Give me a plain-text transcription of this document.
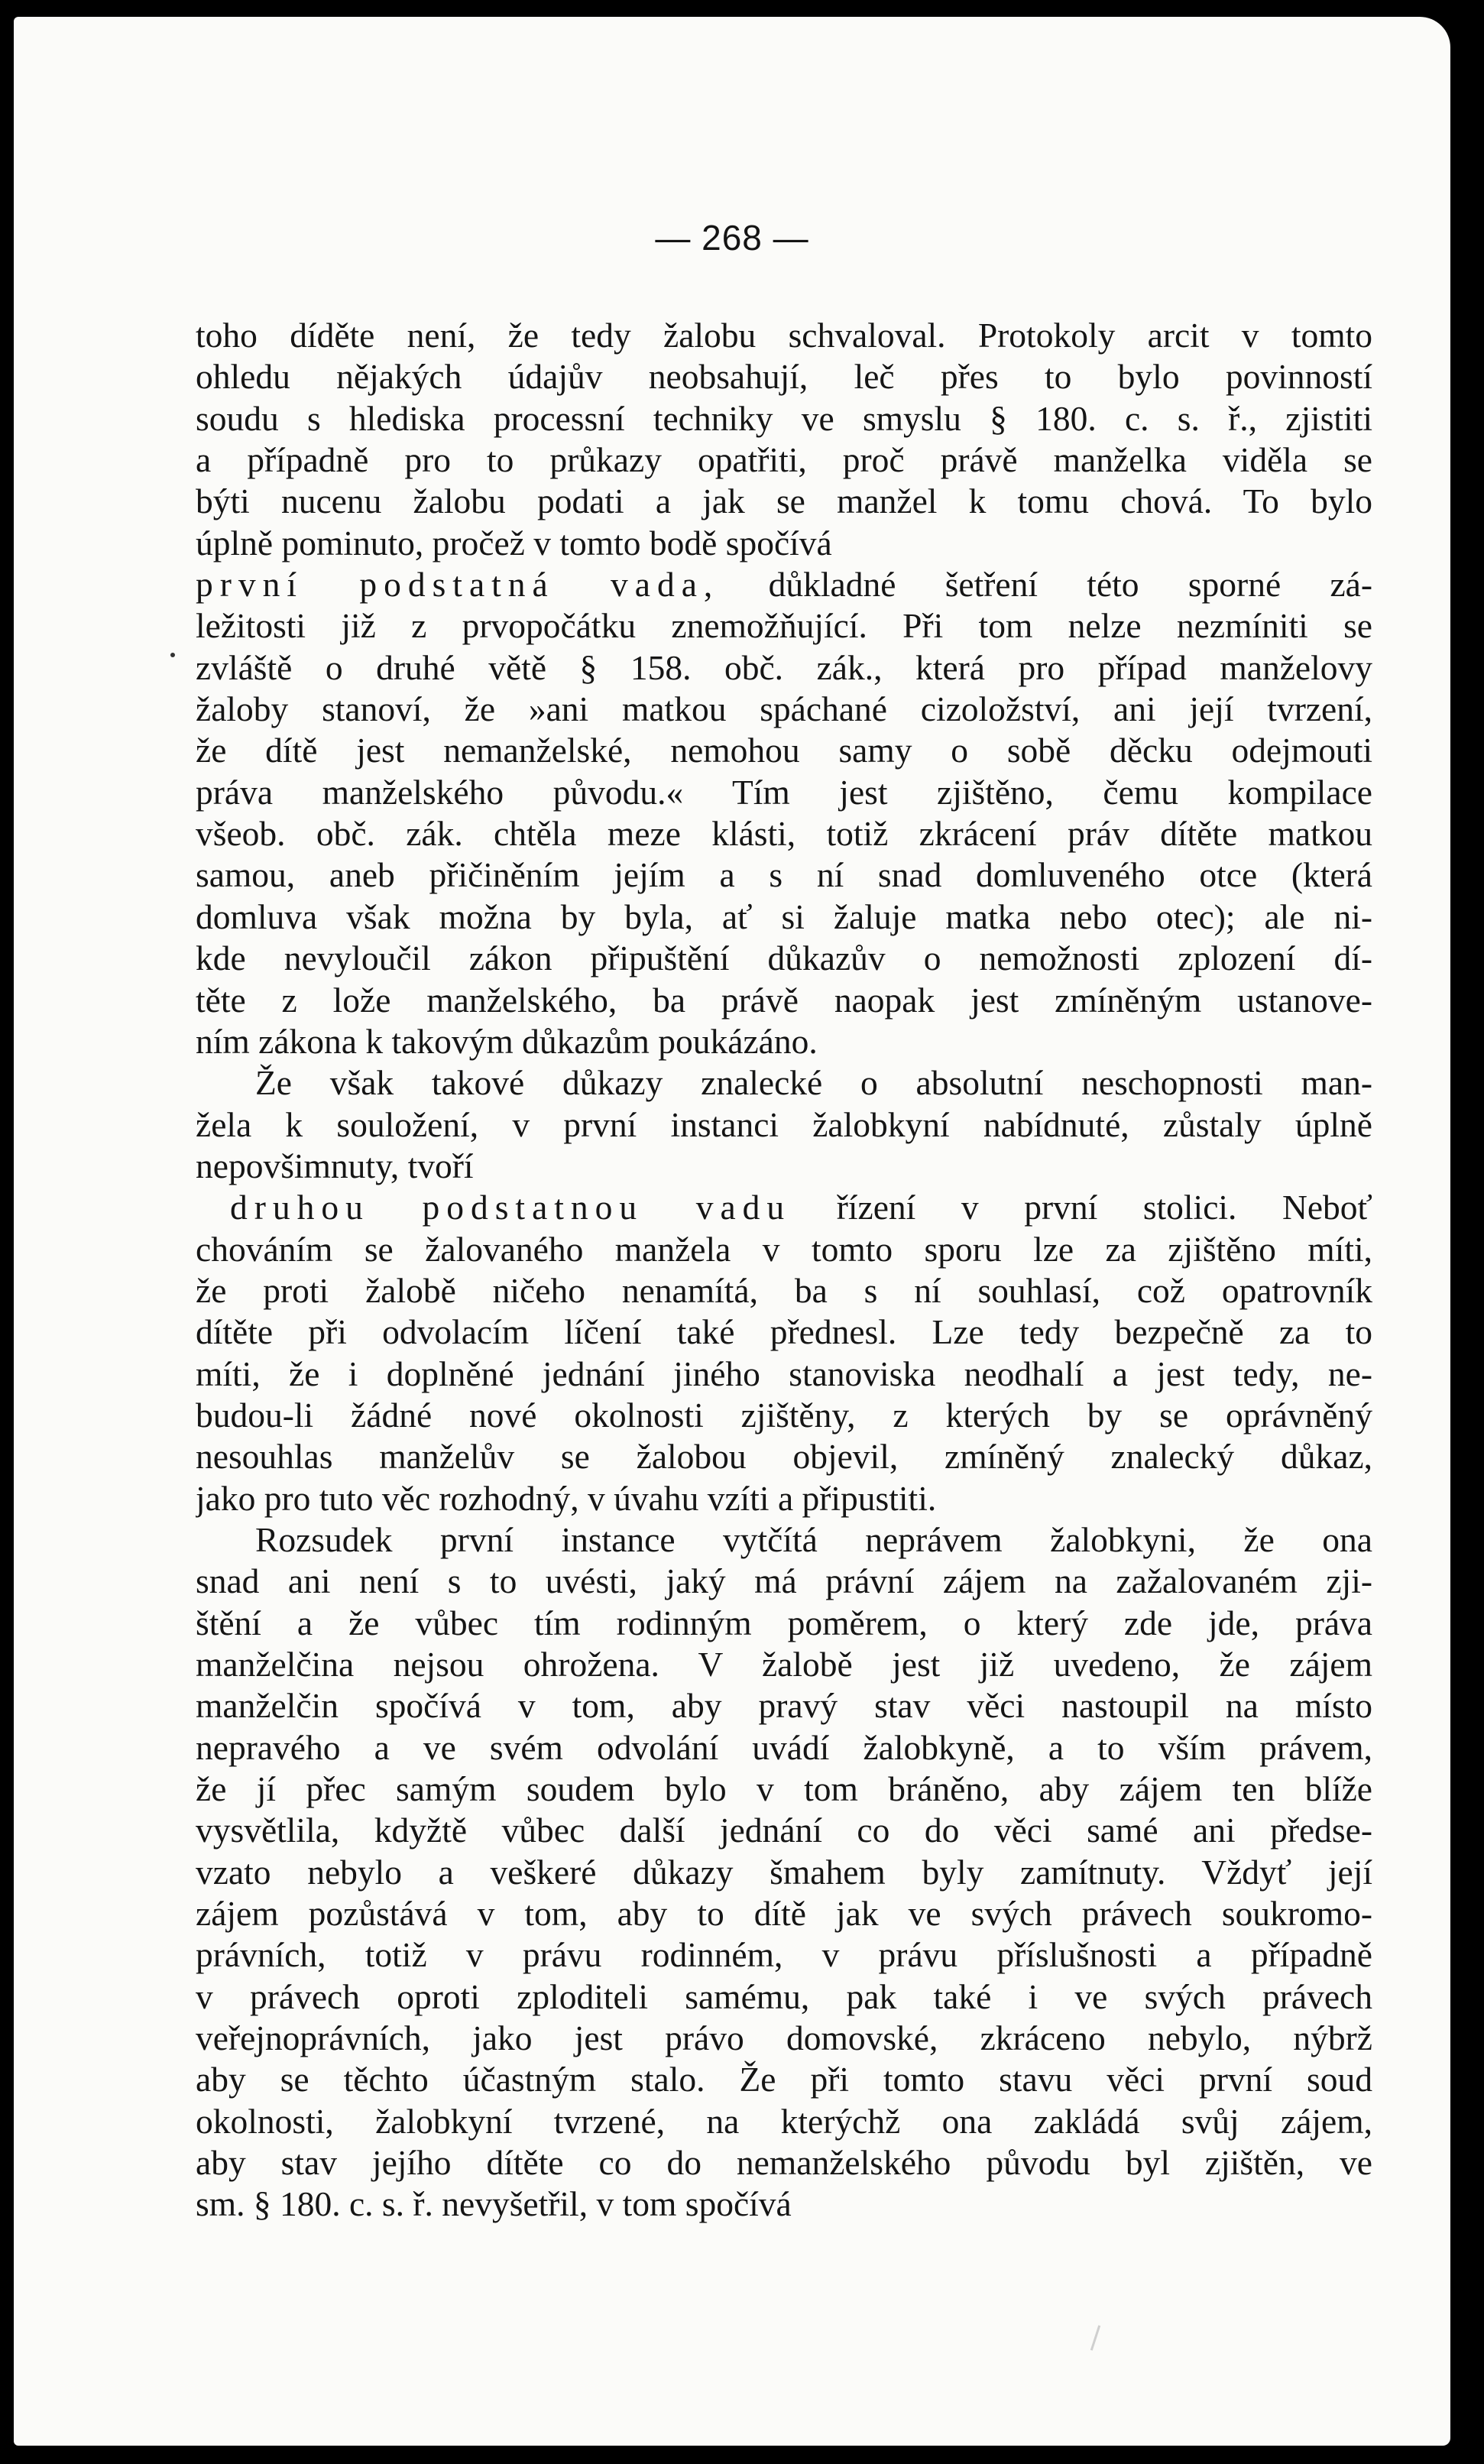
— 268 —
toho díděte není, že tedy žalobu schvaloval. Protokoly arcit v tomto
ohledu nějakých údajův neobsahují, leč přes to bylo povinností
soudu s hlediska processní techniky ve smyslu § 180. c. s. ř., zjistiti
a případně pro to průkazy opatřiti, proč právě manželka viděla se
býti nucenu žalobu podati a jak se manžel k tomu chová. To bylo
úplně pominuto, pročež v tomto bodě spočívá
první podstatná vada, důkladné šetření této sporné zá-
ležitosti již z prvopočátku znemožňující. Při tom nelze nezmíniti se
zvláště o druhé větě § 158. obč. zák., která pro případ manželovy
žaloby stanoví, že »ani matkou spáchané cizoložství, ani její tvrzení,
že dítě jest nemanželské, nemohou samy o sobě děcku odejmouti
práva manželského původu.« Tím jest zjištěno, čemu kompilace
všeob. obč. zák. chtěla meze klásti, totiž zkrácení práv dítěte matkou
samou, aneb přičiněním jejím a s ní snad domluveného otce (která
domluva však možna by byla, ať si žaluje matka nebo otec); ale ni-
kde nevyloučil zákon připuštění důkazův o nemožnosti zplození dí-
těte z lože manželského, ba právě naopak jest zmíněným ustanove-
ním zákona k takovým důkazům poukázáno.
Že však takové důkazy znalecké o absolutní neschopnosti man-
žela k souložení, v první instanci žalobkyní nabídnuté, zůstaly úplně
nepovšimnuty, tvoří
druhou podstatnou vadu řízení v první stolici. Neboť
chováním se žalovaného manžela v tomto sporu lze za zjištěno míti,
že proti žalobě ničeho nenamítá, ba s ní souhlasí, což opatrovník
dítěte při odvolacím líčení také přednesl. Lze tedy bezpečně za to
míti, že i doplněné jednání jiného stanoviska neodhalí a jest tedy, ne-
budou-li žádné nové okolnosti zjištěny, z kterých by se oprávněný
nesouhlas manželův se žalobou objevil, zmíněný znalecký důkaz,
jako pro tuto věc rozhodný, v úvahu vzíti a připustiti.
Rozsudek první instance vytčítá neprávem žalobkyni, že ona
snad ani není s to uvésti, jaký má právní zájem na zažalovaném zji-
štění a že vůbec tím rodinným poměrem, o který zde jde, práva
manželčina nejsou ohrožena. V žalobě jest již uvedeno, že zájem
manželčin spočívá v tom, aby pravý stav věci nastoupil na místo
nepravého a ve svém odvolání uvádí žalobkyně, a to vším právem,
že jí přec samým soudem bylo v tom bráněno, aby zájem ten blíže
vysvětlila, kdyžtě vůbec další jednání co do věci samé ani předse-
vzato nebylo a veškeré důkazy šmahem byly zamítnuty. Vždyť její
zájem pozůstává v tom, aby to dítě jak ve svých právech soukromo-
právních, totiž v právu rodinném, v právu příslušnosti a případně
v právech oproti zploditeli samému, pak také i ve svých právech
veřejnoprávních, jako jest právo domovské, zkráceno nebylo, nýbrž
aby se těchto účastným stalo. Že při tomto stavu věci první soud
okolnosti, žalobkyní tvrzené, na kterýchž ona zakládá svůj zájem,
aby stav jejího dítěte co do nemanželského původu byl zjištěn, ve
sm. § 180. c. s. ř. nevyšetřil, v tom spočívá
